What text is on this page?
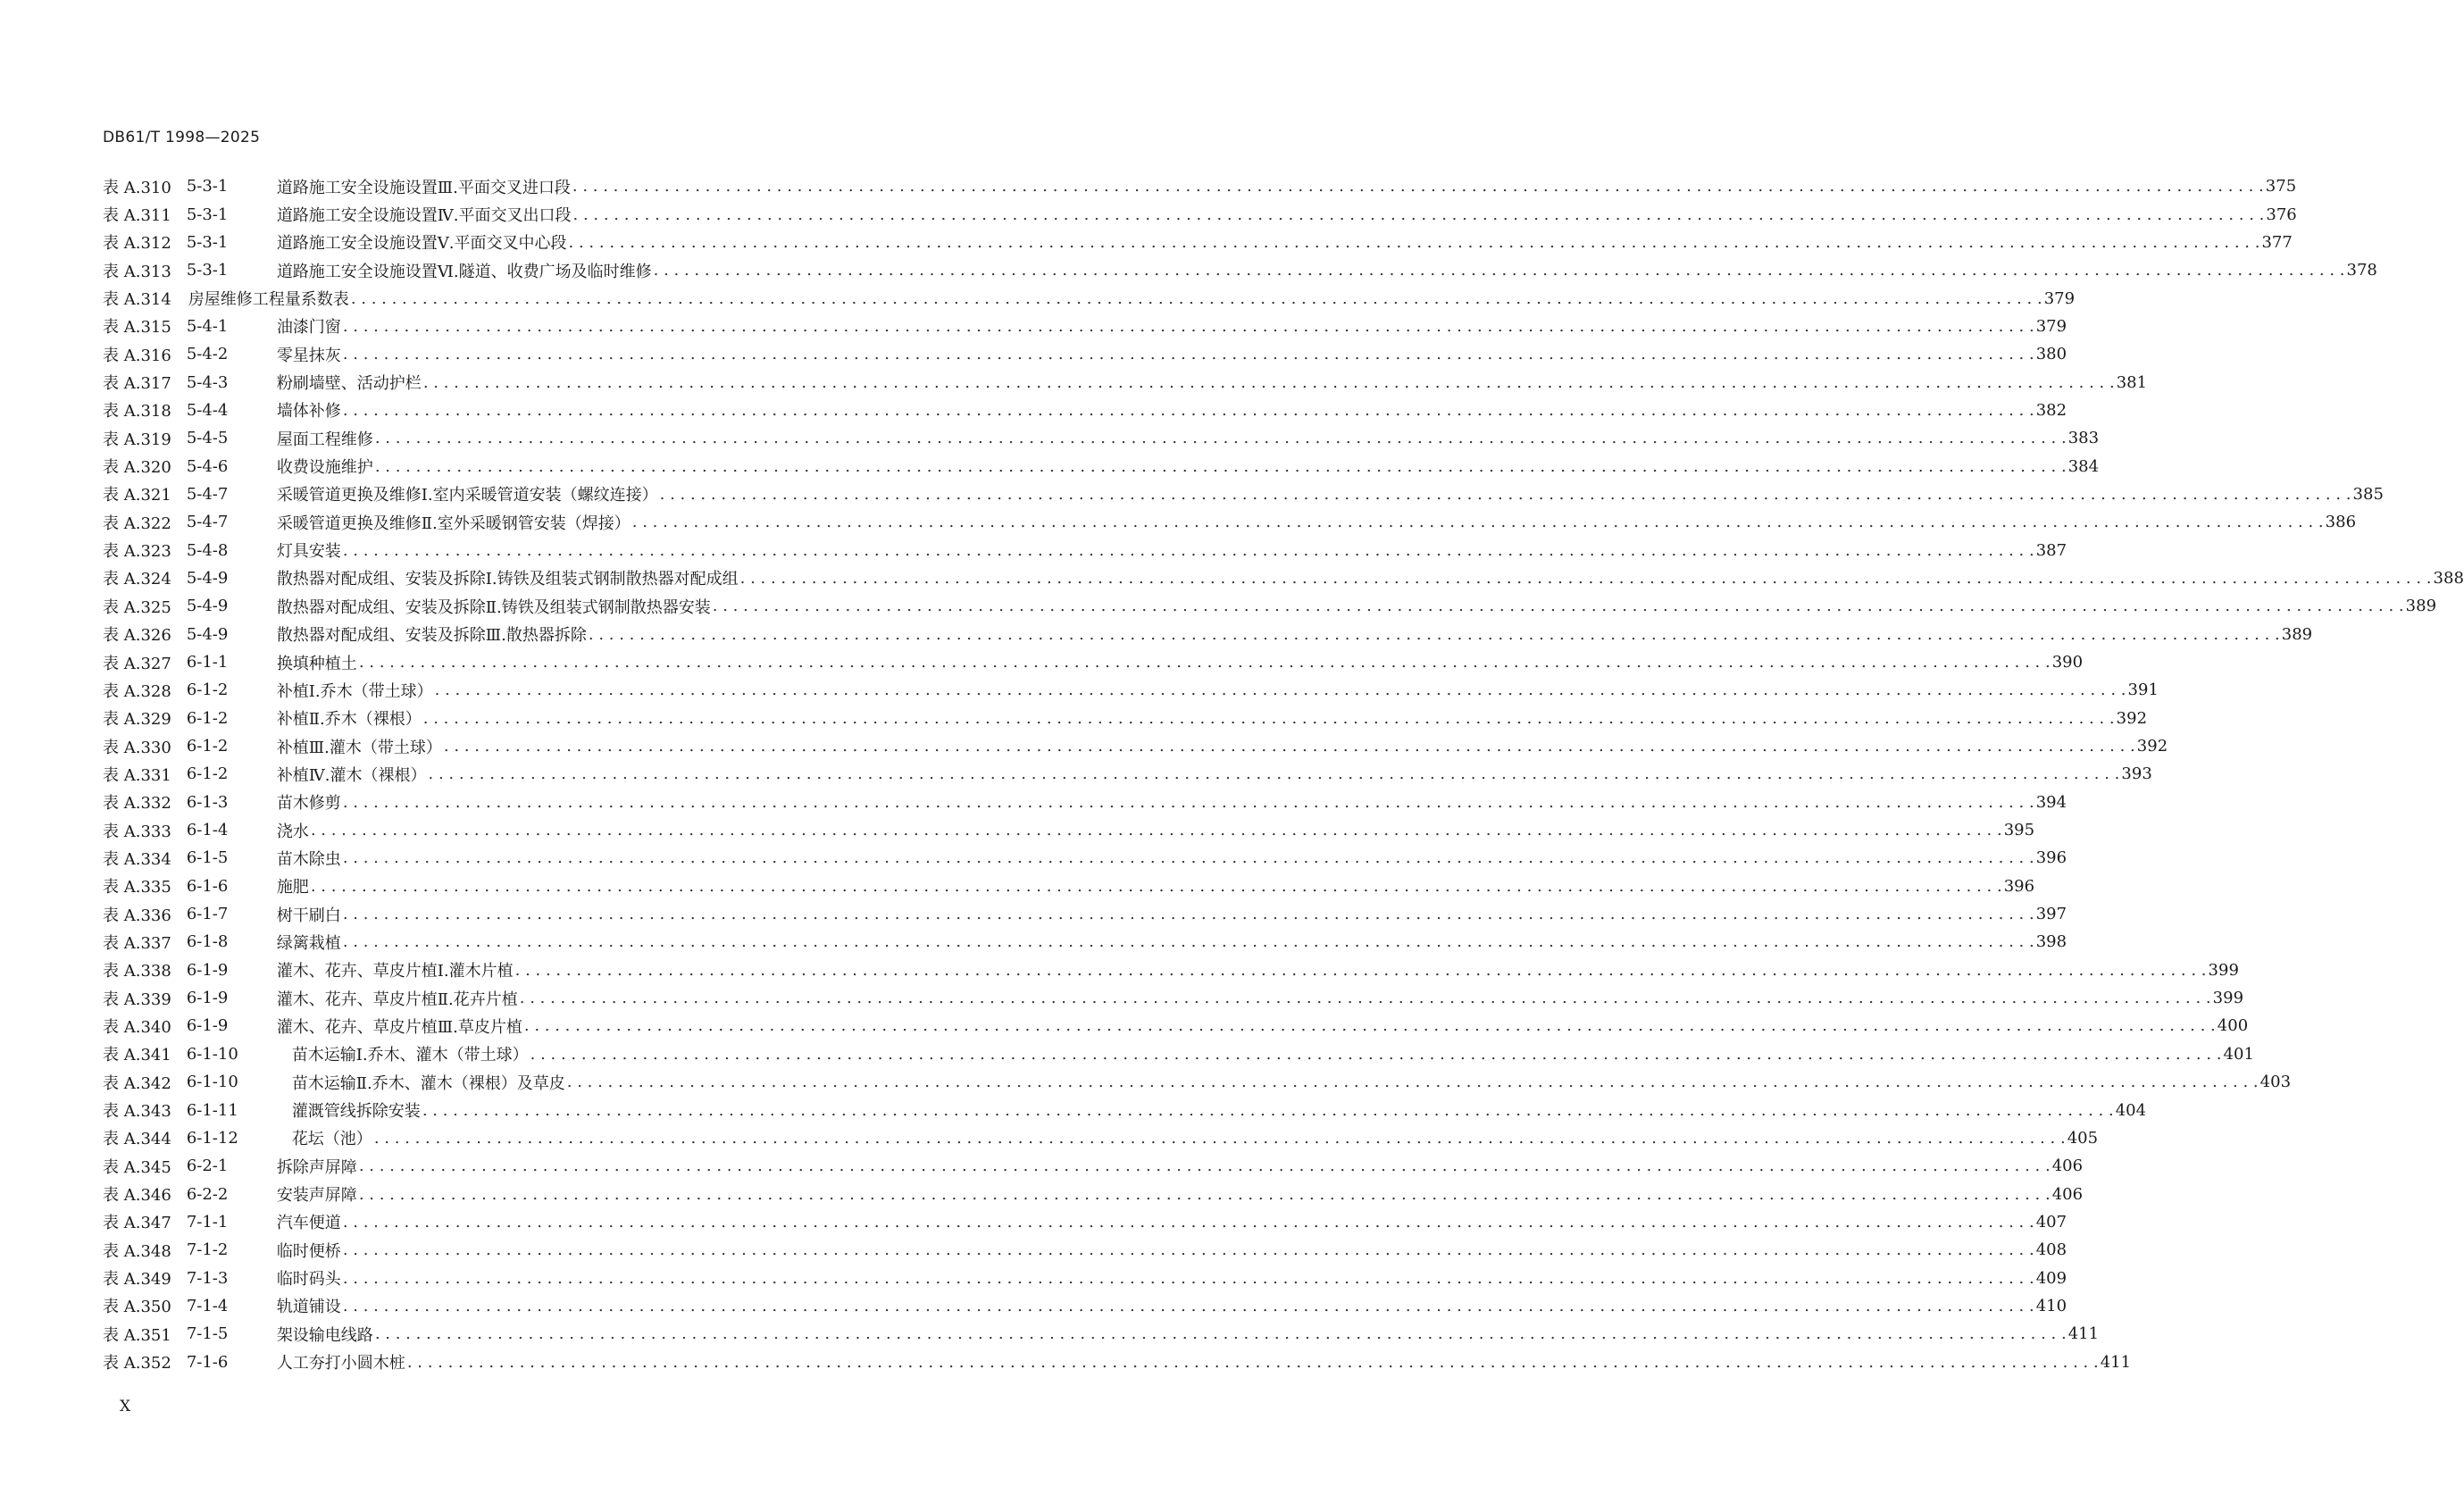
DB61/T 1998—2025
表 A.310 5-3-1	道路施工安全设施设置Ⅲ.平面交叉进口段 . . .	375
表 A.311 5-3-1	道路施工安全设施设置Ⅳ.平面交叉出口段 . . .	376
表 A.312 5-3-1	道路施工安全设施设置Ⅴ.平面交叉中心段 . . .	377
表 A.313 5-3-1	道路施工安全设施设置Ⅵ.隧道、收费广场及临时维修 . . .	378
表 A.314 房屋维修工程量系数表 . . .	379
表 A.315 5-4-1	油漆门窗 . . .	379
表 A.316 5-4-2	零星抹灰 . . .	380
表 A.317 5-4-3	粉刷墙壁、活动护栏 . . .	381
表 A.318 5-4-4	墙体补修 . . .	382
表 A.319 5-4-5	屋面工程维修 . . .	383
表 A.320 5-4-6	收费设施维护 . . .	384
表 A.321 5-4-7	采暖管道更换及维修Ⅰ.室内采暖管道安装（螺纹连接） . . .	385
表 A.322 5-4-7	采暖管道更换及维修Ⅱ.室外采暖钢管安装（焊接） . . .	386
表 A.323 5-4-8	灯具安装 . . .	387
表 A.324 5-4-9	散热器对配成组、安装及拆除Ⅰ.铸铁及组装式钢制散热器对配成组 . . .	388
表 A.325 5-4-9	散热器对配成组、安装及拆除Ⅱ.铸铁及组装式钢制散热器安装 . . .	389
表 A.326 5-4-9	散热器对配成组、安装及拆除Ⅲ.散热器拆除 . . .	389
表 A.327 6-1-1	换填种植土 . . .	390
表 A.328 6-1-2	补植Ⅰ.乔木（带土球） . . .	391
表 A.329 6-1-2	补植Ⅱ.乔木（裸根） . . .	392
表 A.330 6-1-2	补植Ⅲ.灌木（带土球） . . .	392
表 A.331 6-1-2	补植Ⅳ.灌木（裸根） . . .	393
表 A.332 6-1-3	苗木修剪 . . .	394
表 A.333 6-1-4	浇水 . . .	395
表 A.334 6-1-5	苗木除虫 . . .	396
表 A.335 6-1-6	施肥 . . .	396
表 A.336 6-1-7	树干刷白 . . .	397
表 A.337 6-1-8	绿篱栽植 . . .	398
表 A.338 6-1-9	灌木、花卉、草皮片植Ⅰ.灌木片植 . . .	399
表 A.339 6-1-9	灌木、花卉、草皮片植Ⅱ.花卉片植 . . .	399
表 A.340 6-1-9	灌木、花卉、草皮片植Ⅲ.草皮片植 . . .	400
表 A.341 6-1-10	苗木运输Ⅰ.乔木、灌木（带土球） . . .	401
表 A.342 6-1-10	苗木运输Ⅱ.乔木、灌木（裸根）及草皮 . . .	403
表 A.343 6-1-11	灌溉管线拆除安装 . . .	404
表 A.344 6-1-12	花坛（池） . . .	405
表 A.345 6-2-1	拆除声屏障 . . .	406
表 A.346 6-2-2	安装声屏障 . . .	406
表 A.347 7-1-1	汽车便道 . . .	407
表 A.348 7-1-2	临时便桥 . . .	408
表 A.349 7-1-3	临时码头 . . .	409
表 A.350 7-1-4	轨道铺设 . . .	410
表 A.351 7-1-5	架设输电线路 . . .	411
表 A.352 7-1-6	人工夯打小圆木桩 . . .	411
X
